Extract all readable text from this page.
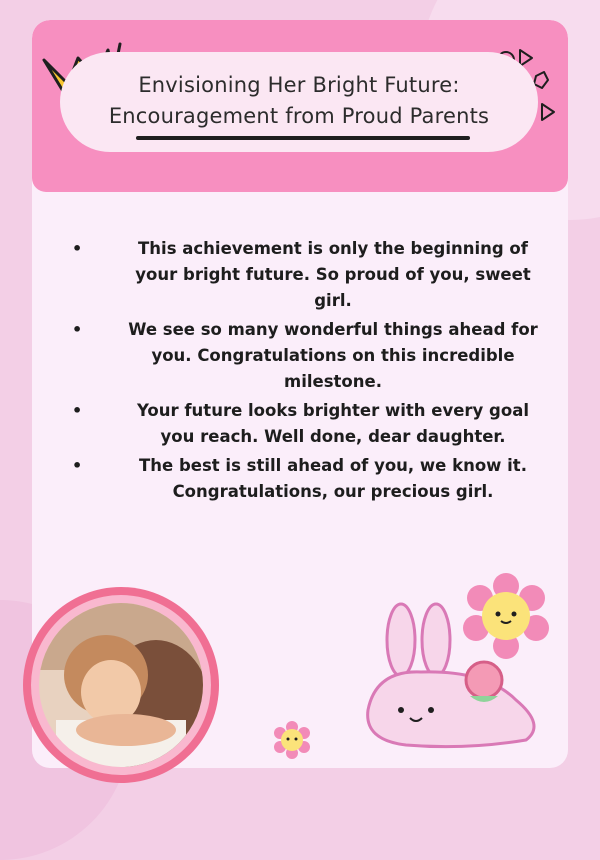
Envisioning Her Bright Future:
Encouragement from Proud Parents
•	This achievement is only the beginning of your bright future. So proud of you, sweet girl.
•	We see so many wonderful things ahead for you. Congratulations on this incredible milestone.
•	Your future looks brighter with every goal you reach. Well done, dear daughter.
•	The best is still ahead of you, we know it. Congratulations, our precious girl.
